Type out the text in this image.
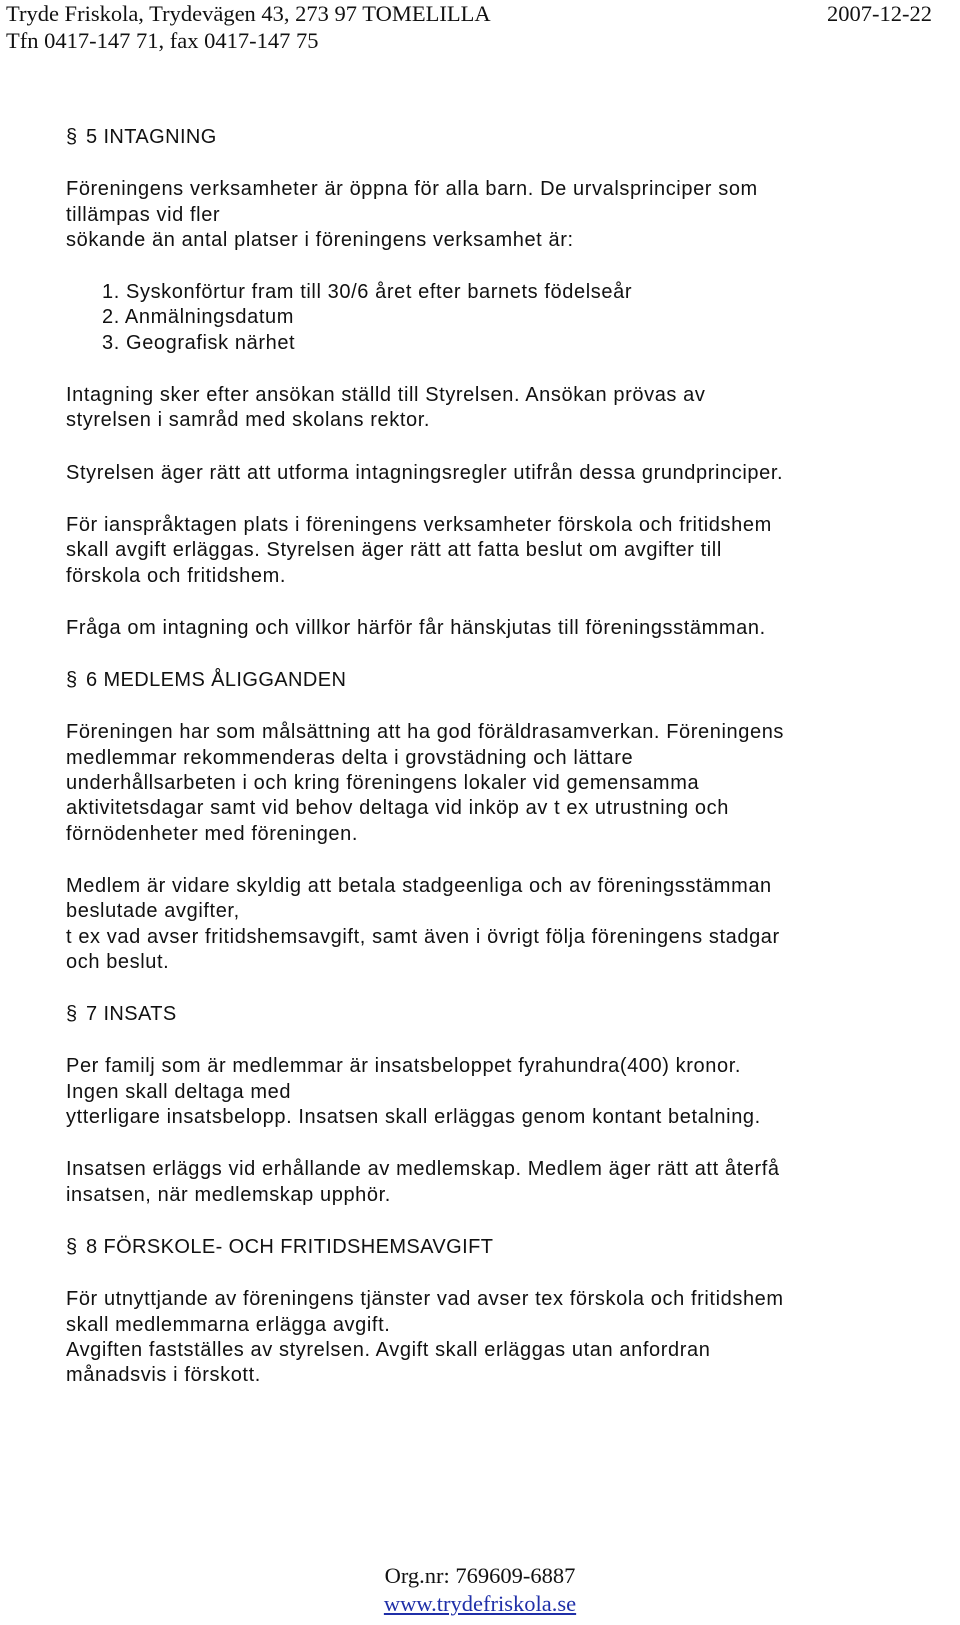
Tryde Friskola, Trydevägen 43, 273 97 TOMELILLA
Tfn 0417-147 71, fax 0417-147 75
2007-12-22
§ 5 INTAGNING

Föreningens verksamheter är öppna för alla barn. De urvalsprinciper som

tillämpas vid fler

sökande än antal platser i föreningens verksamhet är:

1. Syskonförtur fram till 30/6 året efter barnets födelseår
2. Anmälningsdatum
3. Geografisk närhet

Intagning sker efter ansökan ställd till Styrelsen. Ansökan prövas av

styrelsen i samråd med skolans rektor.

Styrelsen äger rätt att utforma intagningsregler utifrån dessa grundprinciper.

För ianspråktagen plats i föreningens verksamheter förskola och fritidshem

skall avgift erläggas. Styrelsen äger rätt att fatta beslut om avgifter till

förskola och fritidshem.

Fråga om intagning och villkor härför får hänskjutas till föreningsstämman.

§ 6 MEDLEMS ÅLIGGANDEN

Föreningen har som målsättning att ha god föräldrasamverkan. Föreningens

medlemmar rekommenderas delta i grovstädning och lättare

underhållsarbeten i och kring föreningens lokaler vid gemensamma

aktivitetsdagar samt vid behov deltaga vid inköp av t ex utrustning och

förnödenheter med föreningen.

Medlem är vidare skyldig att betala stadgeenliga och av föreningsstämman

beslutade avgifter,

t ex vad avser fritidshemsavgift, samt även i övrigt följa föreningens stadgar

och beslut.

§ 7 INSATS

Per familj som är medlemmar är insatsbeloppet fyrahundra(400) kronor.

Ingen skall deltaga med

ytterligare insatsbelopp. Insatsen skall erläggas genom kontant betalning.

Insatsen erläggs vid erhållande av medlemskap. Medlem äger rätt att återfå

insatsen, när medlemskap upphör.

§ 8 FÖRSKOLE- OCH FRITIDSHEMSAVGIFT

För utnyttjande av föreningens tjänster vad avser tex förskola och fritidshem

skall medlemmarna erlägga avgift.

Avgiften fastställes av styrelsen. Avgift skall erläggas utan anfordran

månadsvis i förskott.

Org.nr: 769609-6887
www.trydefriskola.se
